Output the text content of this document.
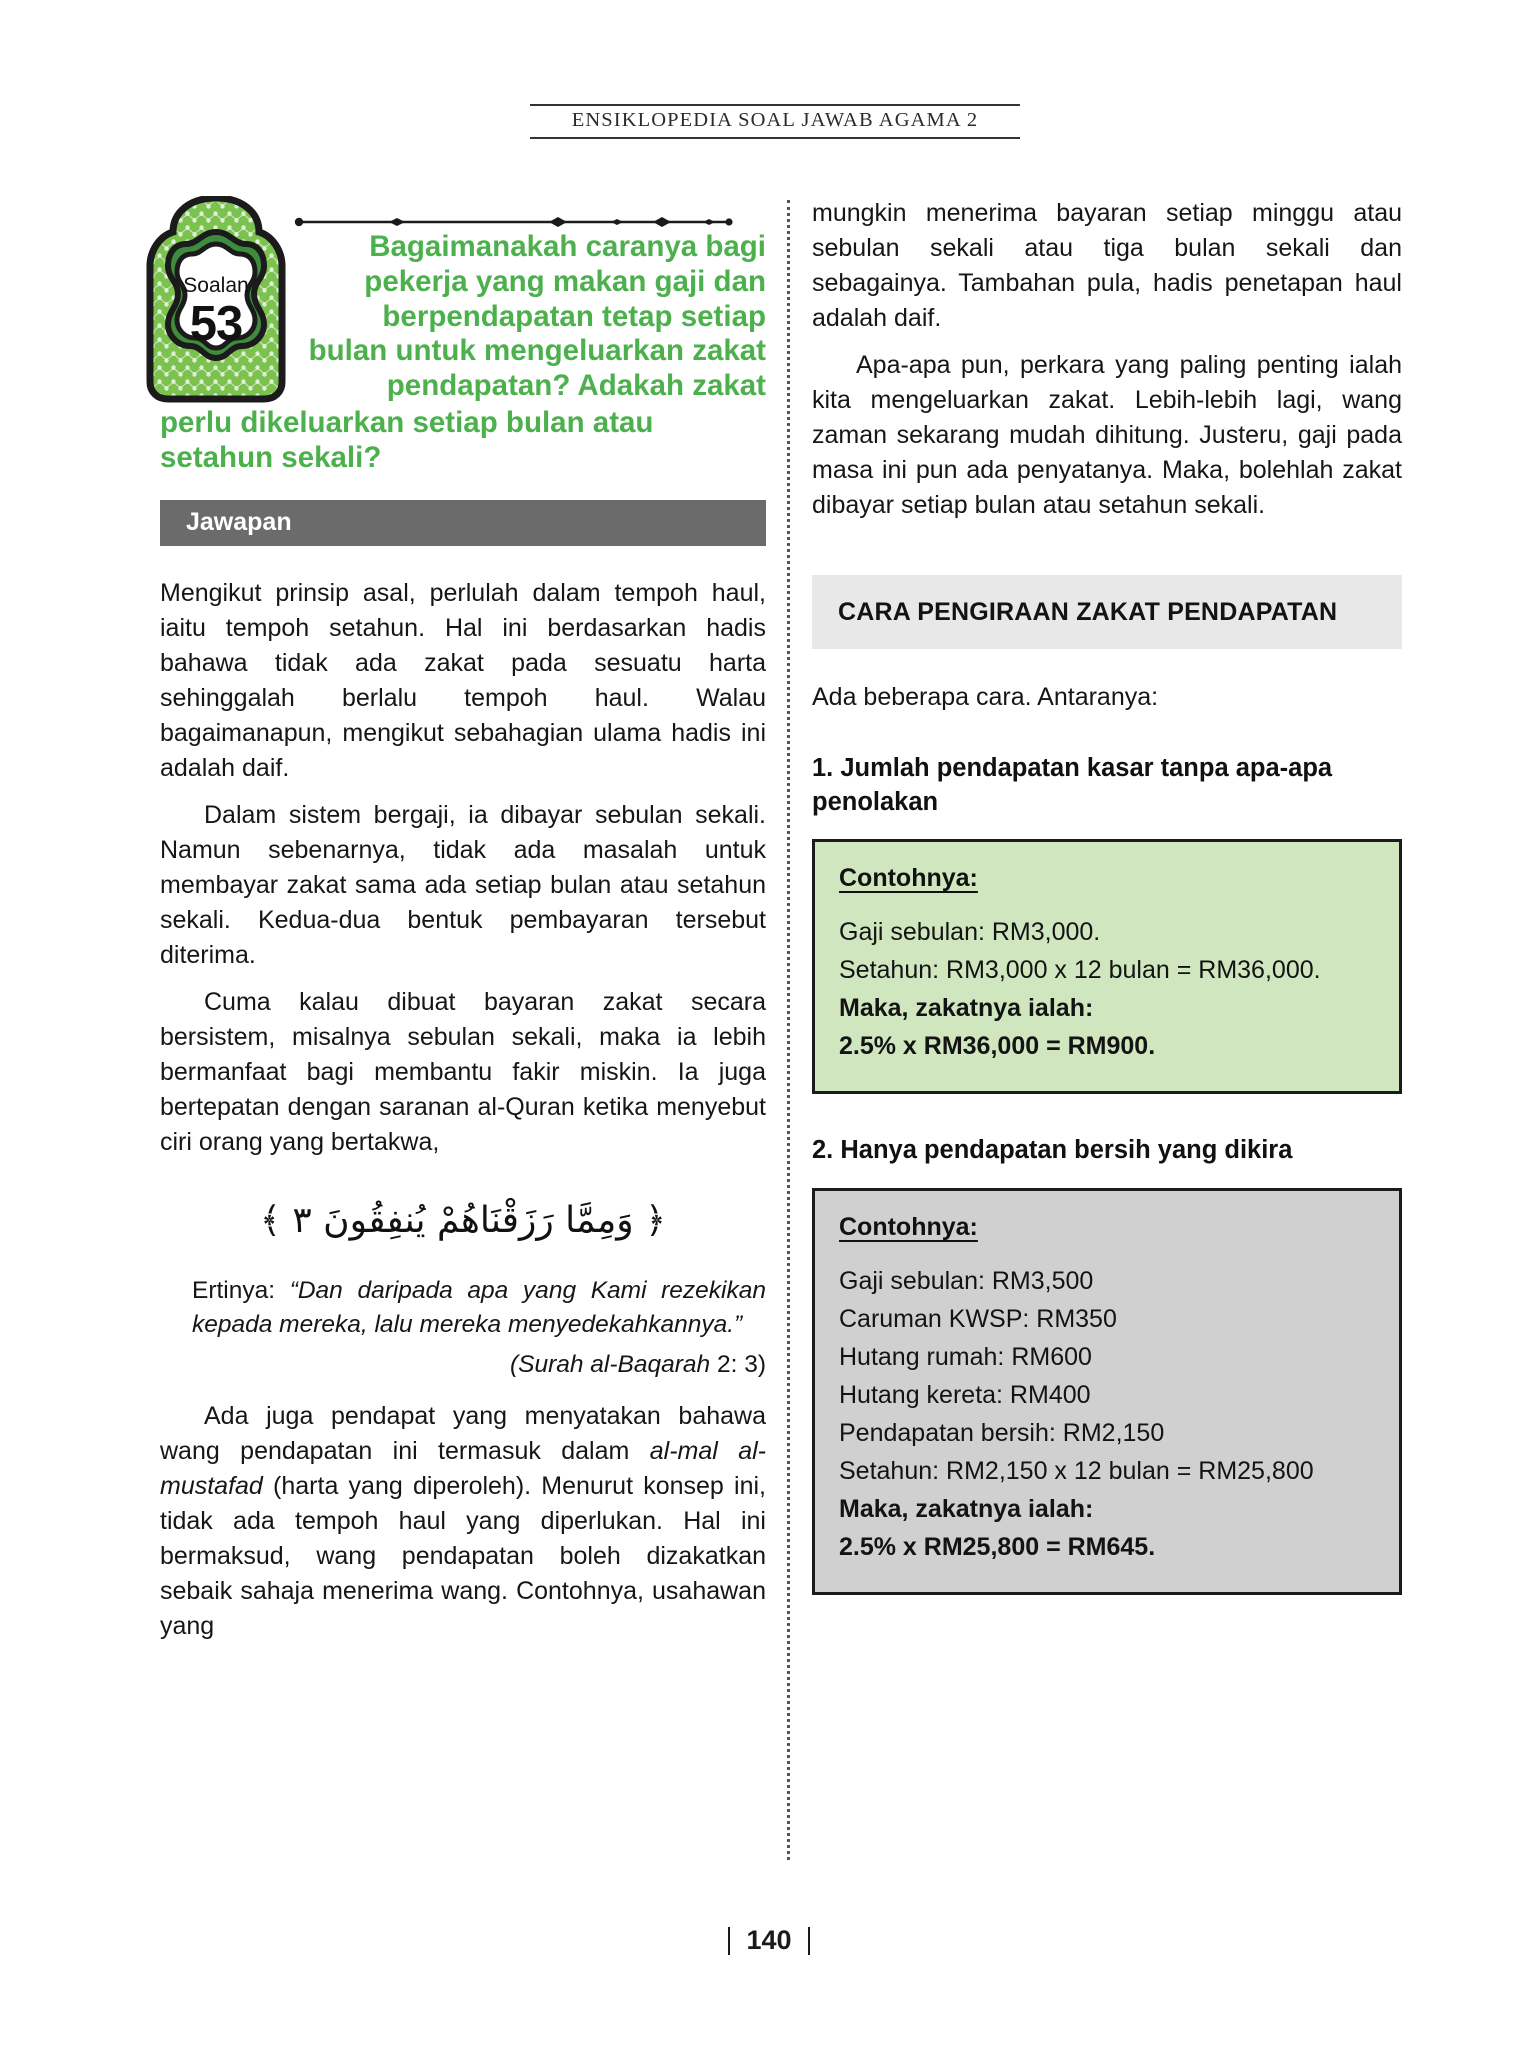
ENSIKLOPEDIA SOAL JAWAB AGAMA 2
Soalan
53
Bagaimanakah caranya bagi pekerja yang makan gaji dan berpendapatan tetap setiap bulan untuk mengeluarkan zakat pendapatan? Adakah zakat
perlu dikeluarkan setiap bulan atau setahun sekali?
Jawapan

Mengikut prinsip asal, perlulah dalam tempoh haul, iaitu tempoh setahun. Hal ini berdasarkan hadis bahawa tidak ada zakat pada sesuatu harta sehinggalah berlalu tempoh haul. Walau bagaimanapun, mengikut sebahagian ulama hadis ini adalah daif.

Dalam sistem bergaji, ia dibayar sebulan sekali. Namun sebenarnya, tidak ada masalah untuk membayar zakat sama ada setiap bulan atau setahun sekali. Kedua-dua bentuk pembayaran tersebut diterima.

Cuma kalau dibuat bayaran zakat secara bersistem, misalnya sebulan sekali, maka ia lebih bermanfaat bagi membantu fakir miskin. Ia juga bertepatan dengan saranan al-Quran ketika menyebut ciri orang yang bertakwa,

﴿ وَمِمَّا رَزَقْنَاهُمْ يُنفِقُونَ ٣ ﴾

Ertinya: “Dan daripada apa yang Kami rezekikan kepada mereka, lalu mereka menyedekahkannya.”

(Surah al-Baqarah 2: 3)

Ada juga pendapat yang menyatakan bahawa wang pendapatan ini termasuk dalam al-mal al-mustafad (harta yang diperoleh). Menurut konsep ini, tidak ada tempoh haul yang diperlukan. Hal ini bermaksud, wang pendapatan boleh dizakatkan sebaik sahaja menerima wang. Contohnya, usahawan yang

mungkin menerima bayaran setiap minggu atau sebulan sekali atau tiga bulan sekali dan sebagainya. Tambahan pula, hadis penetapan haul adalah daif.

Apa-apa pun, perkara yang paling penting ialah kita mengeluarkan zakat. Lebih-lebih lagi, wang zaman sekarang mudah dihitung. Justeru, gaji pada masa ini pun ada penyatanya. Maka, bolehlah zakat dibayar setiap bulan atau setahun sekali.

CARA PENGIRAAN ZAKAT PENDAPATAN

Ada beberapa cara. Antaranya:

1. Jumlah pendapatan kasar tanpa apa-apa penolakan
Contohnya:
Gaji sebulan: RM3,000.
Setahun: RM3,000 x 12 bulan = RM36,000.
Maka, zakatnya ialah:
2.5% x RM36,000 = RM900.
2. Hanya pendapatan bersih yang dikira
Contohnya:
Gaji sebulan: RM3,500
Caruman KWSP: RM350
Hutang rumah: RM600
Hutang kereta: RM400
Pendapatan bersih: RM2,150
Setahun: RM2,150 x 12 bulan = RM25,800
Maka, zakatnya ialah:
2.5% x RM25,800 = RM645.
140
